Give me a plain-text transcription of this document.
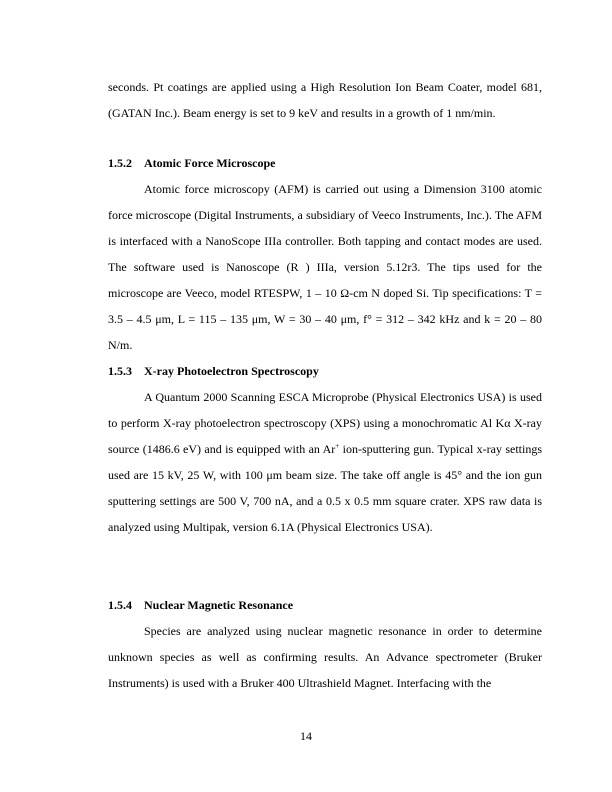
seconds. Pt coatings are applied using a High Resolution Ion Beam Coater, model 681, (GATAN Inc.). Beam energy is set to 9 keV and results in a growth of 1 nm/min.

1.5.2 Atomic Force Microscope

Atomic force microscopy (AFM) is carried out using a Dimension 3100 atomic force microscope (Digital Instruments, a subsidiary of Veeco Instruments, Inc.). The AFM is interfaced with a NanoScope IIIa controller. Both tapping and contact modes are used. The software used is Nanoscope (R ) IIIa, version 5.12r3. The tips used for the microscope are Veeco, model RTESPW, 1 – 10 Ω-cm N doped Si. Tip specifications: T = 3.5 – 4.5 μm, L = 115 – 135 μm, W = 30 – 40 μm, f° = 312 – 342 kHz and k = 20 – 80 N/m.

1.5.3 X-ray Photoelectron Spectroscopy

A Quantum 2000 Scanning ESCA Microprobe (Physical Electronics USA) is used to perform X-ray photoelectron spectroscopy (XPS) using a monochromatic Al Kα X-ray source (1486.6 eV) and is equipped with an Ar+ ion-sputtering gun. Typical x-ray settings used are 15 kV, 25 W, with 100 μm beam size. The take off angle is 45° and the ion gun sputtering settings are 500 V, 700 nA, and a 0.5 x 0.5 mm square crater. XPS raw data is analyzed using Multipak, version 6.1A (Physical Electronics USA).

1.5.4 Nuclear Magnetic Resonance

Species are analyzed using nuclear magnetic resonance in order to determine unknown species as well as confirming results. An Advance spectrometer (Bruker Instruments) is used with a Bruker 400 Ultrashield Magnet. Interfacing with the

14
